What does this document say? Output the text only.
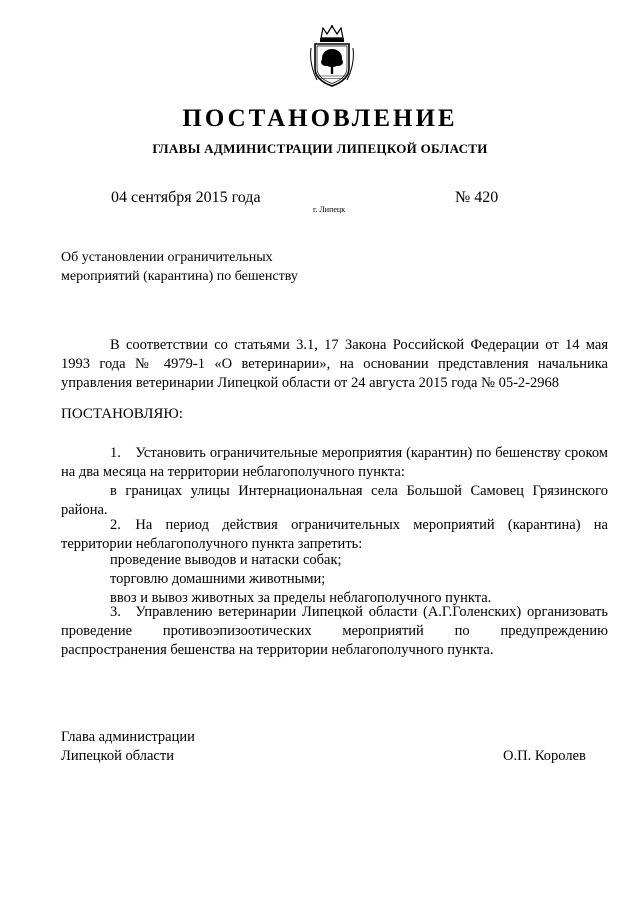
ПОСТАНОВЛЕНИЕ
ГЛАВЫ АДМИНИСТРАЦИИ ЛИПЕЦКОЙ ОБЛАСТИ
04 сентября 2015 года
г. Липецк
№ 420
Об установлении ограничительных
мероприятий (карантина) по бешенству
В соответствии со статьями 3.1, 17 Закона Российской Федерации от 14 мая 1993 года № 4979-1 «О ветеринарии», на основании представления начальника управления ветеринарии Липецкой области от 24 августа 2015 года № 05-2-2968
ПОСТАНОВЛЯЮ:
1. Установить ограничительные мероприятия (карантин) по бешенству сроком на два месяца на территории неблагополучного пункта:
в границах улицы Интернациональная села Большой Самовец Грязинского района.
2. На период действия ограничительных мероприятий (карантина) на территории неблагополучного пункта запретить:
проведение выводов и натаски собак;
торговлю домашними животными;
ввоз и вывоз животных за пределы неблагополучного пункта.
3. Управлению ветеринарии Липецкой области (А.Г.Голенских) организовать проведение противоэпизоотических мероприятий по предупреждению распространения бешенства на территории неблагополучного пункта.
Глава администрации
Липецкой области	О.П. Королев
